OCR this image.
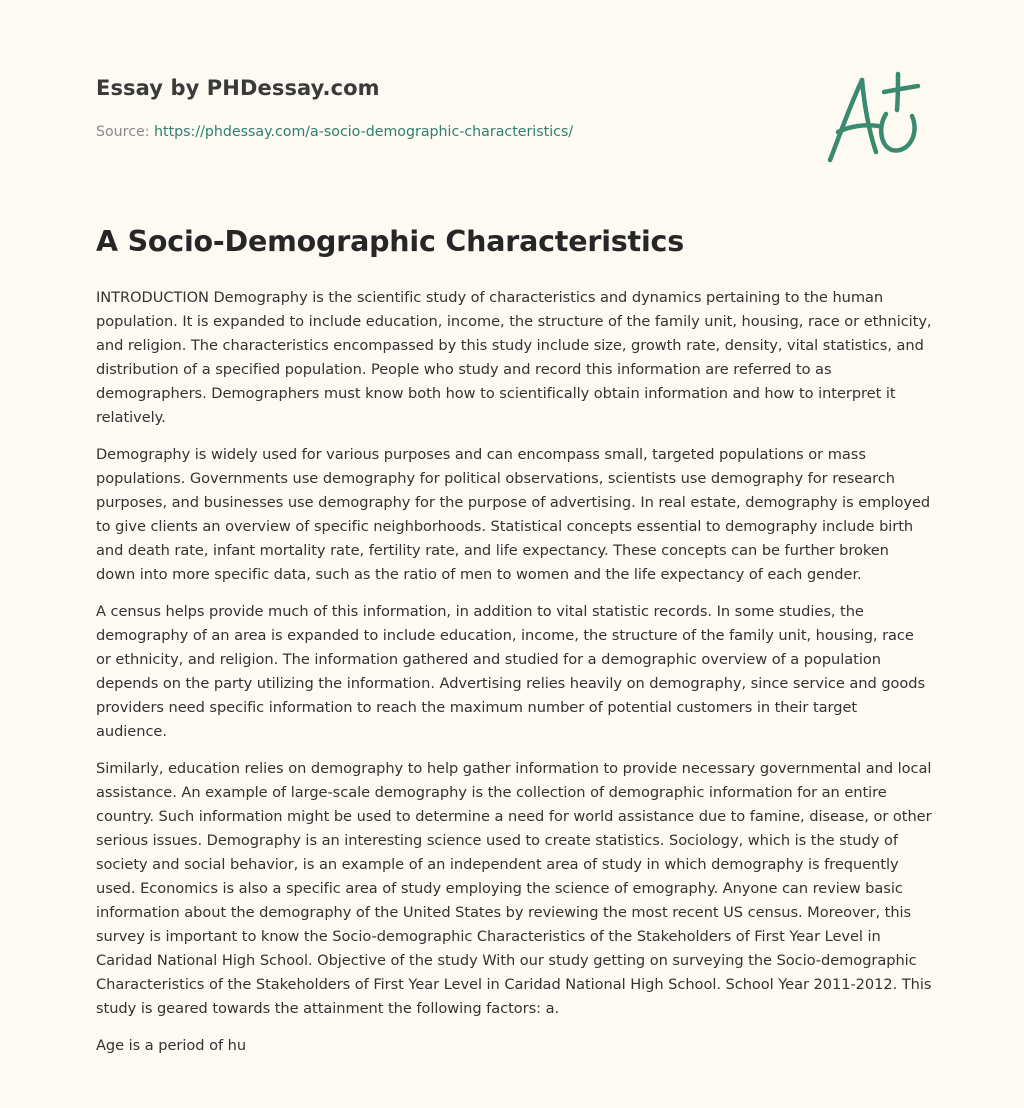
Essay by PHDessay.com
Source: https://phdessay.com/a-socio-demographic-characteristics/
A Socio-Demographic Characteristics

INTRODUCTION Demography is the scientific study of characteristics and dynamics pertaining to the human population. It is expanded to include education, income, the structure of the family unit, housing, race or ethnicity, and religion. The characteristics encompassed by this study include size, growth rate, density, vital statistics, and distribution of a specified population. People who study and record this information are referred to as demographers. Demographers must know both how to scientifically obtain information and how to interpret it relatively.

Demography is widely used for various purposes and can encompass small, targeted populations or mass populations. Governments use demography for political observations, scientists use demography for research purposes, and businesses use demography for the purpose of advertising. In real estate, demography is employed to give clients an overview of specific neighborhoods. Statistical concepts essential to demography include birth and death rate, infant mortality rate, fertility rate, and life expectancy. These concepts can be further broken down into more specific data, such as the ratio of men to women and the life expectancy of each gender.

A census helps provide much of this information, in addition to vital statistic records. In some studies, the demography of an area is expanded to include education, income, the structure of the family unit, housing, race or ethnicity, and religion. The information gathered and studied for a demographic overview of a population depends on the party utilizing the information. Advertising relies heavily on demography, since service and goods providers need specific information to reach the maximum number of potential customers in their target audience.

Similarly, education relies on demography to help gather information to provide necessary governmental and local assistance. An example of large-scale demography is the collection of demographic information for an entire country. Such information might be used to determine a need for world assistance due to famine, disease, or other serious issues. Demography is an interesting science used to create statistics. Sociology, which is the study of society and social behavior, is an example of an independent area of study in which demography is frequently used. Economics is also a specific area of study employing the science of emography. Anyone can review basic information about the demography of the United States by reviewing the most recent US census. Moreover, this survey is important to know the Socio-demographic Characteristics of the Stakeholders of First Year Level in Caridad National High School. Objective of the study With our study getting on surveying the Socio-demographic Characteristics of the Stakeholders of First Year Level in Caridad National High School. School Year 2011-2012. This study is geared towards the attainment the following factors: a.

Age is a period of hu
